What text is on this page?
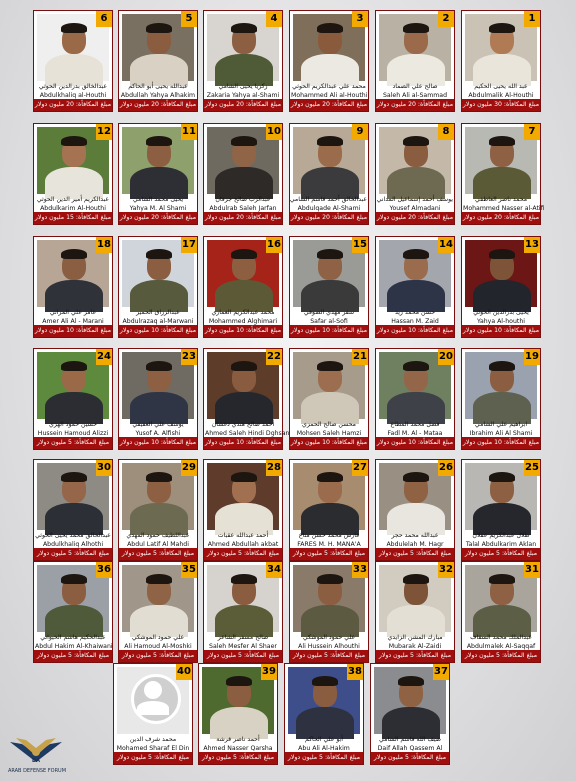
1
عبد الله يحيى الحكيم
Abdulmalik Al-Houthi
مبلغ المكافأة: 30 مليون دولار
2
صالح علي الصماد
Saleh Ali al-Sammad
مبلغ المكافأة: 20 مليون دولار
3
محمد علي عبدالكريم الحوثي
Mohammed Ali al-Houthi
مبلغ المكافأة: 20 مليون دولار
4
زكريا يحيى الشامي
Zakaria Yahya al-Shami
مبلغ المكافأة: 20 مليون دولار
5
عبدالله يحيى أبو الحاكم
Abdullah Yahya Alhakim
مبلغ المكافأة: 20 مليون دولار
6
عبدالخالق بدرالدين الحوثي
Abdulkhaliq al-Houthi
مبلغ المكافأة: 20 مليون دولار
7
محمد ناصر العاطفي
Mohammed Nasser al-Atifi
مبلغ المكافأة: 20 مليون دولار
8
يوسف أحمد إسماعيل المداني
Yousef Almadani
مبلغ المكافأة: 20 مليون دولار
9
عبدالخالق أحمد قاسم الشامي
Abdulqade Al-Shami
مبلغ المكافأة: 20 مليون دولار
10
عبدالرب صالح جرفان
Abdulrab Saleh Jarfan
مبلغ المكافأة: 20 مليون دولار
11
يحيى محمد الشامي
Yahya M. Al Shami
مبلغ المكافأة: 20 مليون دولار
12
عبدالكريم أمير الدين الحوثي
Abdulkarim Al-Houthi
مبلغ المكافأة: 15 مليون دولار
13
يحيى بدرالدين الحوثي
Yahya Al-houthi
مبلغ المكافأة: 10 مليون دولار
14
حسن محمد زيد
Hassan M. Zaid
مبلغ المكافأة: 10 مليون دولار
15
سفر مهدي الصوفي
Safar al-Sofi
مبلغ المكافأة: 10 مليون دولار
16
محمد عبدالكريم الغماري
Mohammed Alghimari
مبلغ المكافأة: 10 مليون دولار
17
عبدالرزاق الحمير
Abdulrazaq al-Marwani
مبلغ المكافأة: 10 مليون دولار
18
عامر علي المراني
Amer Ali Al - Marani
مبلغ المكافأة: 10 مليون دولار
19
ابراهيم علي الشامي
Ibrahim Ali Al Shami
مبلغ المكافأة: 10 مليون دولار
20
فضل محمد المطاع
Fadl M. Al - Mataa
مبلغ المكافأة: 10 مليون دولار
21
محسن صالح الحمزي
Mohsen Saleh Hamzi
مبلغ المكافأة: 10 مليون دولار
22
أحمد صالح هندي دغشان
Ahmed Saleh Hindi Dghsan
مبلغ المكافأة: 10 مليون دولار
23
يوسف علي العفيفي
Yusof A. Alfishi
مبلغ المكافأة: 10 مليون دولار
24
حسين حمود الهزي
Hussein Hamoud Alizzi
مبلغ المكافأة: 5 مليون دولار
25
طلال عبدالكريم عقلان
Talal Abdulkarim Aklan
مبلغ المكافأة: 5 مليون دولار
26
عبدالله محمد حجر
Abdulelah M. Hagr
مبلغ المكافأة: 5 مليون دولار
27
فارس محمد حسن مناع
FARES M. H. MANA'A
مبلغ المكافأة: 5 مليون دولار
28
أحمد عبدالله عقبات
Ahmed Abdullah akbat
مبلغ المكافأة: 5 مليون دولار
29
عبداللطيف حمود المهدي
Abdul Latif Al Mahdi
مبلغ المكافأة: 5 مليون دولار
30
عبدالخالق محمد يحيى الحوثي
Abdulkhaliq Alhothi
مبلغ المكافأة: 5 مليون دولار
31
عبدالملك محمد السقاف
Abdulmalek Al-Saqqaf
مبلغ المكافأة: 5 مليون دولار
32
مبارك المشن الزايدي
Mubarak Al-Zaidi
مبلغ المكافأة: 5 مليون دولار
33
علي حمود الموشكي
Ali Hussein Alhouthi
مبلغ المكافأة: 5 مليون دولار
34
صالح مسفر الشاعر
Saleh Mesfer Al Shaer
مبلغ المكافأة: 5 مليون دولار
35
علي حمود الموشكي
Ali Hamoud Al-Moshki
مبلغ المكافأة: 5 مليون دولار
36
عبدالحكيم هاشم الخيواني
Abdul Hakim Al-Khaiwani
مبلغ المكافأة: 5 مليون دولار
37
ضيف الله قاسم الشامي
Daif Allah Qassem Al
مبلغ المكافأة: 5 مليون دولار
38
أبو علي الحاكم
Abu Ali Al-Hakim
مبلغ المكافأة: 5 مليون دولار
39
أحمد ناصر قرشة
Ahmed Nasser Qarsha
مبلغ المكافأة: 5 مليون دولار
40
محمد شرف الدين
Mohamed Sharaf El Din
مبلغ المكافأة: 5 مليون دولار
DA
ARAB DEFENSE FORUM
